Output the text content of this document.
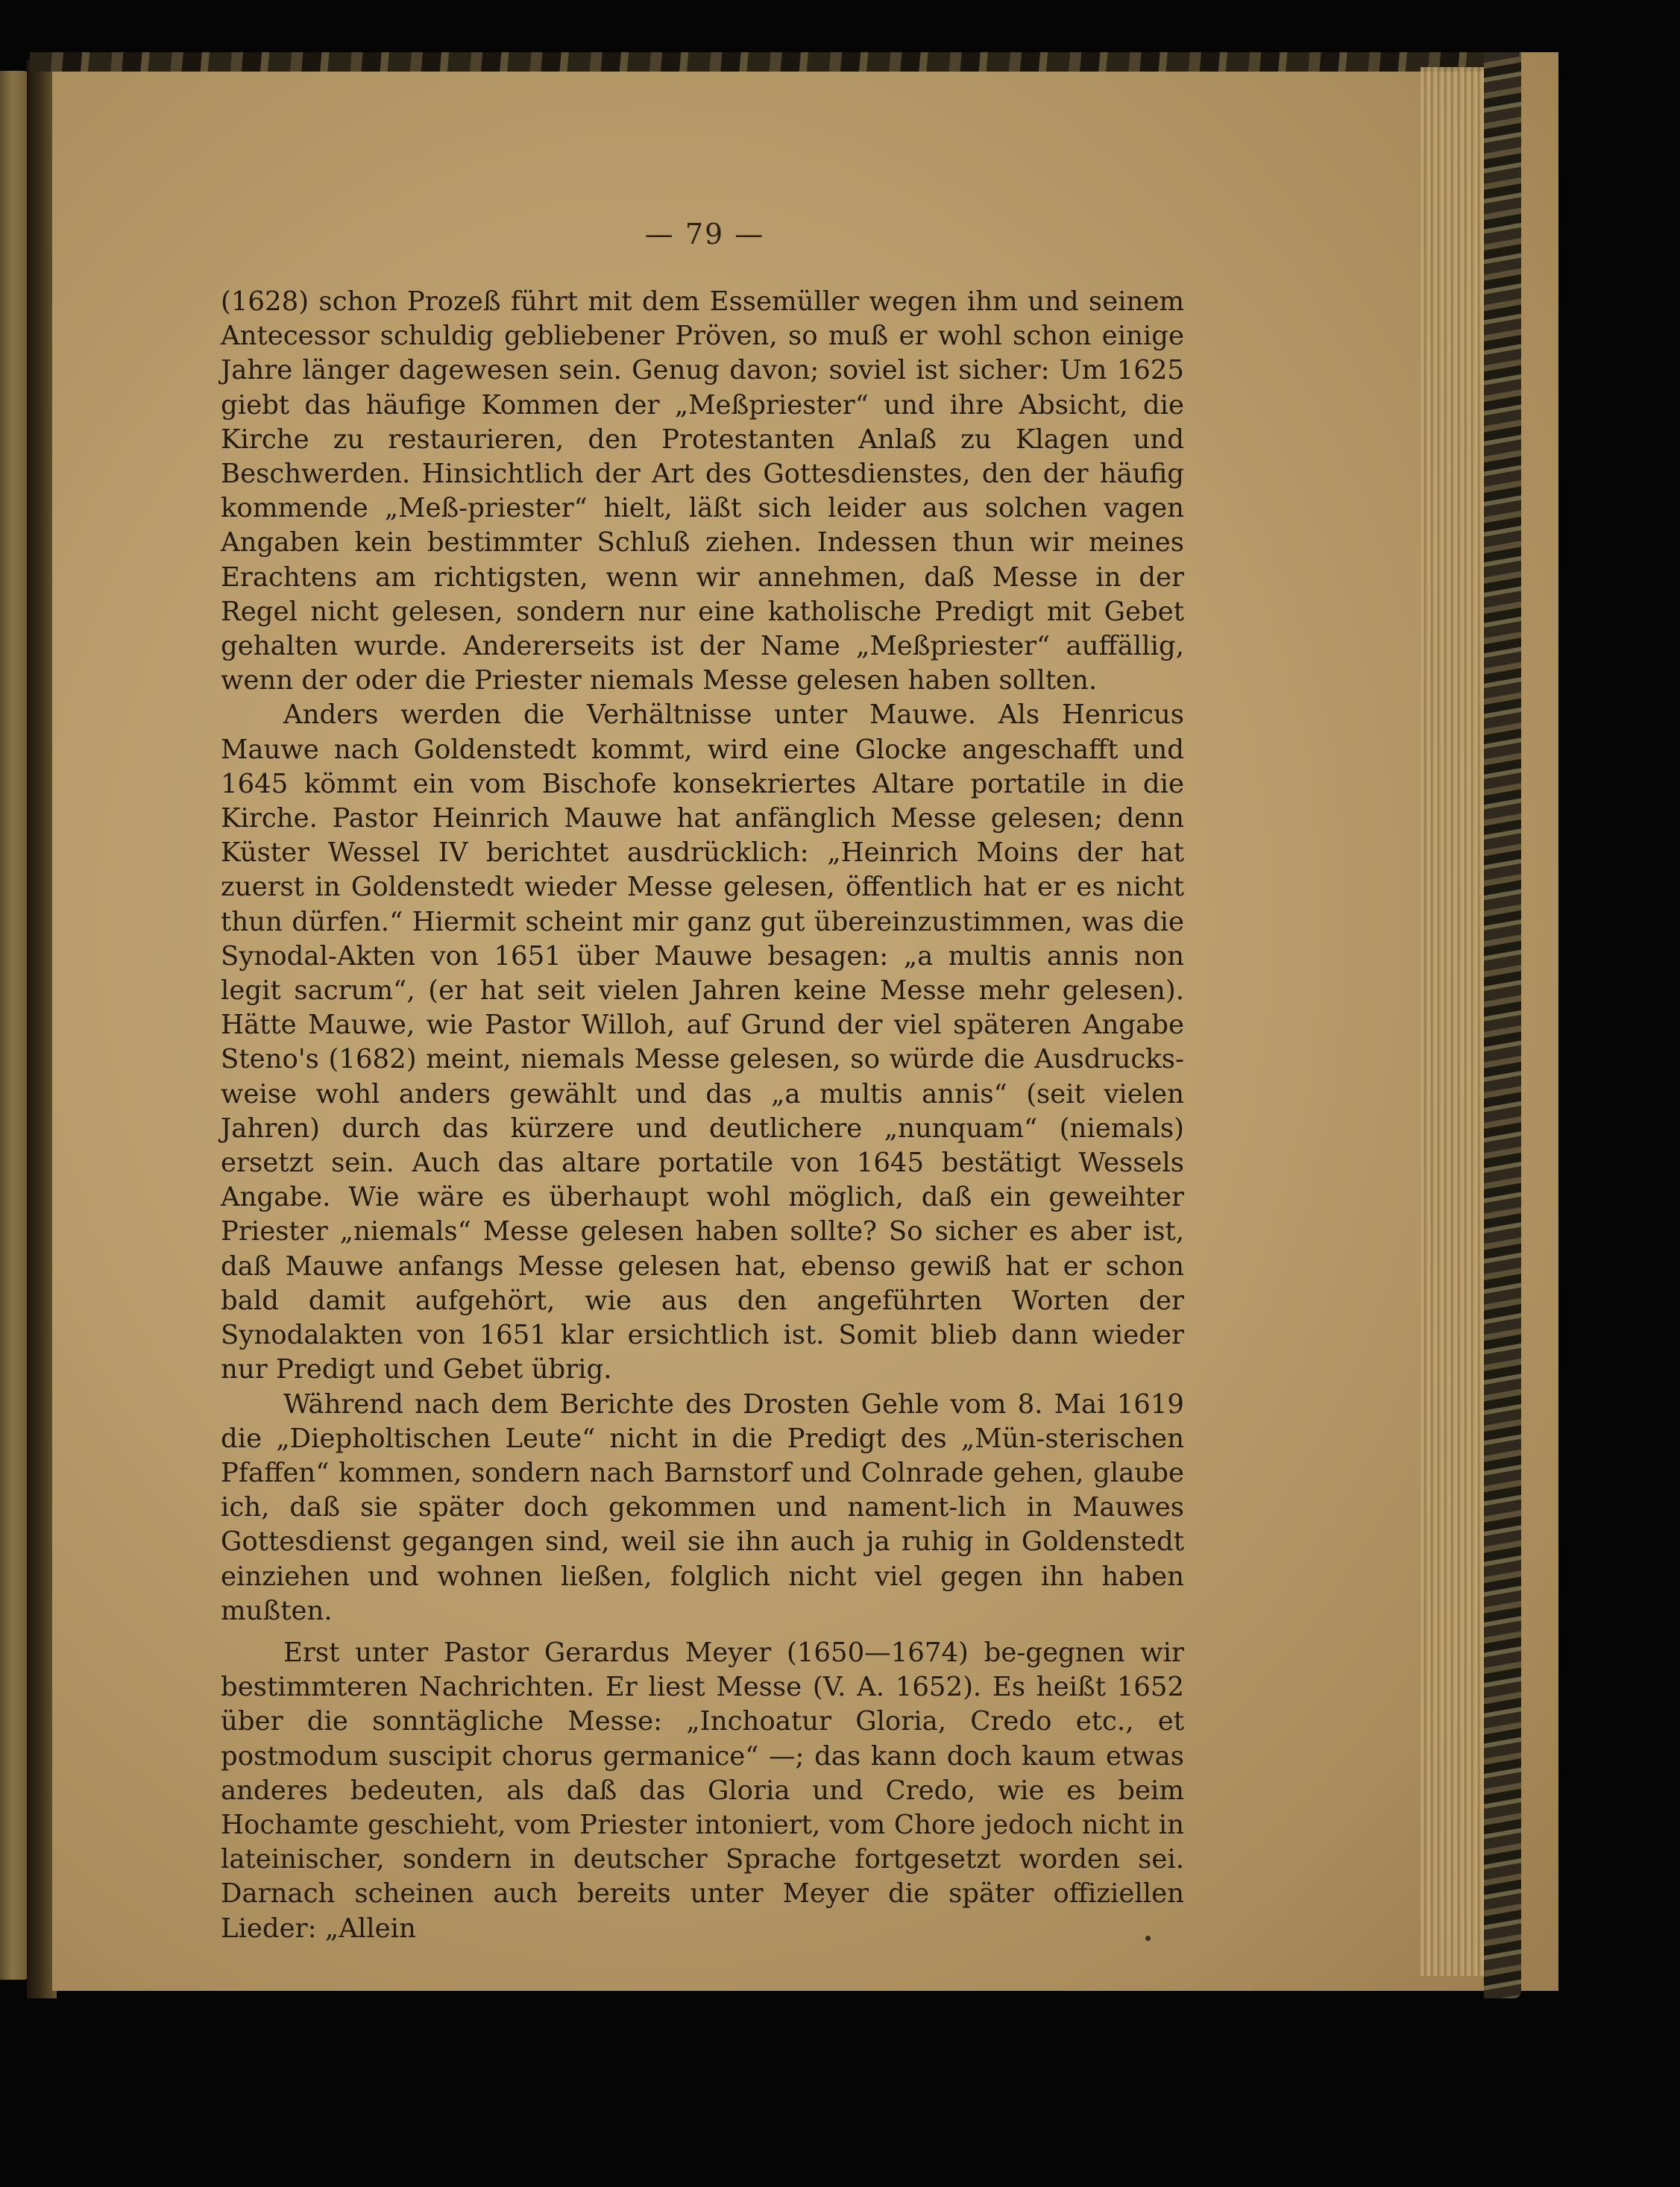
— 79 —

(1628) schon Prozeß führt mit dem Essemüller wegen ihm und seinem Antecessor schuldig gebliebener Pröven, so muß er wohl schon einige Jahre länger dagewesen sein. Genug davon; soviel ist sicher: Um 1625 giebt das häufige Kommen der „Meßpriester“ und ihre Absicht, die Kirche zu restaurieren, den Protestanten Anlaß zu Klagen und Beschwerden. Hinsichtlich der Art des Gottesdienstes, den der häufig kommende „Meß-priester“ hielt, läßt sich leider aus solchen vagen Angaben kein bestimmter Schluß ziehen. Indessen thun wir meines Erachtens am richtigsten, wenn wir annehmen, daß Messe in der Regel nicht gelesen, sondern nur eine katholische Predigt mit Gebet gehalten wurde. Andererseits ist der Name „Meßpriester“ auffällig, wenn der oder die Priester niemals Messe gelesen haben sollten.

Anders werden die Verhältnisse unter Mauwe. Als Henricus Mauwe nach Goldenstedt kommt, wird eine Glocke angeschafft und 1645 kömmt ein vom Bischofe konsekriertes Altare portatile in die Kirche. Pastor Heinrich Mauwe hat anfänglich Messe gelesen; denn Küster Wessel IV berichtet ausdrücklich: „Heinrich Moins der hat zuerst in Goldenstedt wieder Messe gelesen, öffentlich hat er es nicht thun dürfen.“ Hiermit scheint mir ganz gut übereinzustimmen, was die Synodal-Akten von 1651 über Mauwe besagen: „a multis annis non legit sacrum“, (er hat seit vielen Jahren keine Messe mehr gelesen). Hätte Mauwe, wie Pastor Willoh, auf Grund der viel späteren Angabe Steno's (1682) meint, niemals Messe gelesen, so würde die Ausdrucks-weise wohl anders gewählt und das „a multis annis“ (seit vielen Jahren) durch das kürzere und deutlichere „nunquam“ (niemals) ersetzt sein. Auch das altare portatile von 1645 bestätigt Wessels Angabe. Wie wäre es überhaupt wohl möglich, daß ein geweihter Priester „niemals“ Messe gelesen haben sollte? So sicher es aber ist, daß Mauwe anfangs Messe gelesen hat, ebenso gewiß hat er schon bald damit aufgehört, wie aus den angeführten Worten der Synodalakten von 1651 klar ersichtlich ist. Somit blieb dann wieder nur Predigt und Gebet übrig.

Während nach dem Berichte des Drosten Gehle vom 8. Mai 1619 die „Diepholtischen Leute“ nicht in die Predigt des „Mün-sterischen Pfaffen“ kommen, sondern nach Barnstorf und Colnrade gehen, glaube ich, daß sie später doch gekommen und nament-lich in Mauwes Gottesdienst gegangen sind, weil sie ihn auch ja ruhig in Goldenstedt einziehen und wohnen ließen, folglich nicht viel gegen ihn haben mußten.

Erst unter Pastor Gerardus Meyer (1650—1674) be-gegnen wir bestimmteren Nachrichten. Er liest Messe (V. A. 1652). Es heißt 1652 über die sonntägliche Messe: „Inchoatur Gloria, Credo etc., et postmodum suscipit chorus germanice“ —; das kann doch kaum etwas anderes bedeuten, als daß das Gloria und Credo, wie es beim Hochamte geschieht, vom Priester intoniert, vom Chore jedoch nicht in lateinischer, sondern in deutscher Sprache fortgesetzt worden sei. Darnach scheinen auch bereits unter Meyer die später offiziellen Lieder: „Allein
